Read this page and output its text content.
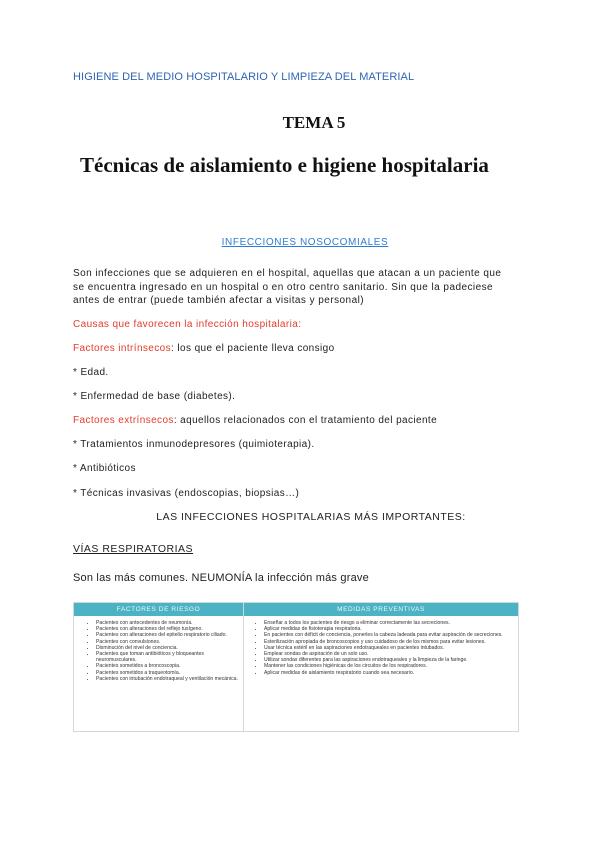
HIGIENE DEL MEDIO HOSPITALARIO Y LIMPIEZA DEL MATERIAL
TEMA 5
Técnicas de aislamiento e higiene hospitalaria
INFECCIONES NOSOCOMIALES
Son infecciones que se adquieren en el hospital, aquellas que atacan a un paciente que se encuentra ingresado en un hospital o en otro centro sanitario. Sin que la padeciese antes de entrar (puede también afectar a visitas y personal)
Causas que favorecen la infección hospitalaria:
Factores intrínsecos: los que el paciente lleva consigo
* Edad.
* Enfermedad de base (diabetes).
Factores extrínsecos: aquellos relacionados con el tratamiento del paciente
* Tratamientos inmunodepresores (quimioterapia).
* Antibióticos
* Técnicas invasivas (endoscopias, biopsias…)
LAS INFECCIONES HOSPITALARIAS MÁS IMPORTANTES:
VÍAS RESPIRATORIAS
Son las más comunes. NEUMONÍA la infección más grave
FACTORES DE RIESGO	MEDIDAS PREVENTIVAS
• Pacientes con antecedentes de neumonía.
• Pacientes con alteraciones del reflejo tusígeno.
• Pacientes con alteraciones del epitelio respiratorio ciliado.
• Pacientes con convulsiones.
• Disminución del nivel de conciencia.
• Pacientes que toman antibióticos y bloqueantes neuromusculares.
• Pacientes sometidos a broncoscopia.
• Pacientes sometidos a traqueotomía.
• Pacientes con intubación endotraqueal y ventilación mecánica.
• Enseñar a todos los pacientes de riesgo a eliminar correctamente las secreciones.
• Aplicar medidas de fisioterapia respiratoria.
• En pacientes con déficit de conciencia, ponerles la cabeza ladeada para evitar aspiración de secreciones.
• Esterilización apropiada de broncoscopios y uso cuidadoso de de los mismos para evitar lesiones.
• Usar técnica estéril en las aspiraciones endotraqueales en pacientes intubados.
• Emplear sondas de aspiración de un solo uso.
• Utilizar sondas diferentes para las aspiraciones endotraqueales y la limpieza de la faringe.
• Mantener las condiciones higiénicas de los circuitos de los respiradores.
• Aplicar medidas de aislamiento respiratorio cuando sea necesario.
